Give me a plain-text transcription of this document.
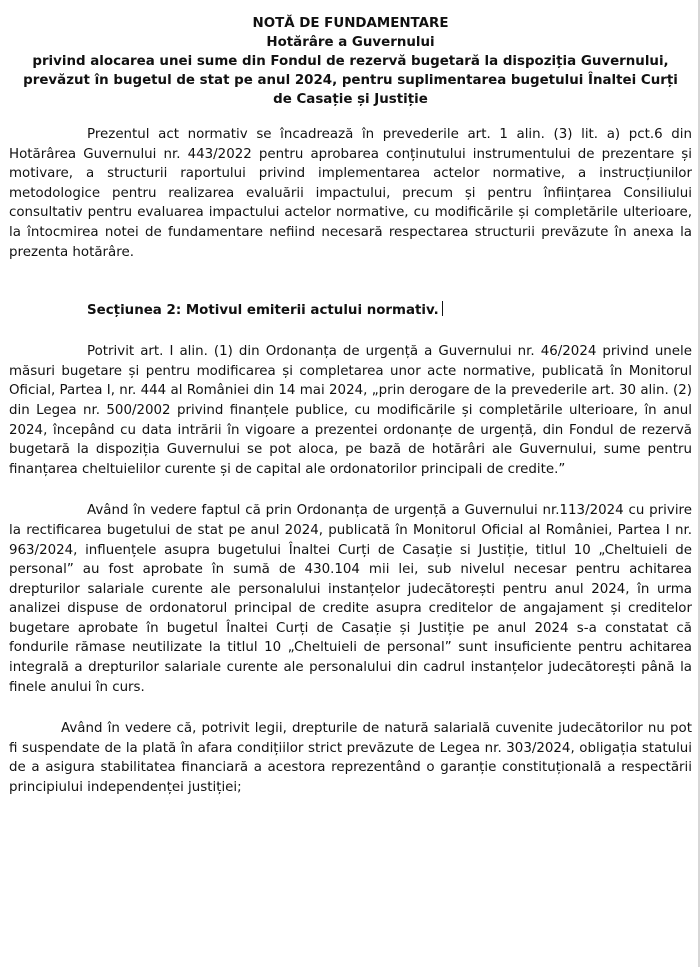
NOTĂ DE FUNDAMENTARE
Hotărâre a Guvernului
privind alocarea unei sume din Fondul de rezervă bugetară la dispoziția Guvernului, prevăzut în bugetul de stat pe anul 2024, pentru suplimentarea bugetului Înaltei Curți de Casație și Justiție

Prezentul act normativ se încadrează în prevederile art. 1 alin. (3) lit. a) pct.6 din Hotărârea Guvernului nr. 443/2022 pentru aprobarea conținutului instrumentului de prezentare și motivare, a structurii raportului privind implementarea actelor normative, a instrucțiunilor metodologice pentru realizarea evaluării impactului, precum și pentru înființarea Consiliului consultativ pentru evaluarea impactului actelor normative, cu modificările și completările ulterioare, la întocmirea notei de fundamentare nefiind necesară respectarea structurii prevăzute în anexa la prezenta hotărâre.

Secțiunea 2: Motivul emiterii actului normativ.

Potrivit art. I alin. (1) din Ordonanța de urgență a Guvernului nr. 46/2024 privind unele măsuri bugetare și pentru modificarea și completarea unor acte normative, publicată în Monitorul Oficial, Partea I, nr. 444 al României din 14 mai 2024, „prin derogare de la prevederile art. 30 alin. (2) din Legea nr. 500/2002 privind finanțele publice, cu modificările și completările ulterioare, în anul 2024, începând cu data intrării în vigoare a prezentei ordonanțe de urgență, din Fondul de rezervă bugetară la dispoziția Guvernului se pot aloca, pe bază de hotărâri ale Guvernului, sume pentru finanțarea cheltuielilor curente și de capital ale ordonatorilor principali de credite.”

Având în vedere faptul că prin Ordonanța de urgență a Guvernului nr.113/2024 cu privire la rectificarea bugetului de stat pe anul 2024, publicată în Monitorul Oficial al României, Partea I nr. 963/2024, influențele asupra bugetului Înaltei Curți de Casație si Justiție, titlul 10 „Cheltuieli de personal” au fost aprobate în sumă de 430.104 mii lei, sub nivelul necesar pentru achitarea drepturilor salariale curente ale personalului instanțelor judecătorești pentru anul 2024, în urma analizei dispuse de ordonatorul principal de credite asupra creditelor de angajament și creditelor bugetare aprobate în bugetul Înaltei Curți de Casație și Justiție pe anul 2024 s-a constatat că fondurile rămase neutilizate la titlul 10 „Cheltuieli de personal” sunt insuficiente pentru achitarea integrală a drepturilor salariale curente ale personalului din cadrul instanțelor judecătorești până la finele anului în curs.

Având în vedere că, potrivit legii, drepturile de natură salarială cuvenite judecătorilor nu pot fi suspendate de la plată în afara condițiilor strict prevăzute de Legea nr. 303/2024, obligația statului de a asigura stabilitatea financiară a acestora reprezentând o garanție constituțională a respectării principiului independenței justiției;
